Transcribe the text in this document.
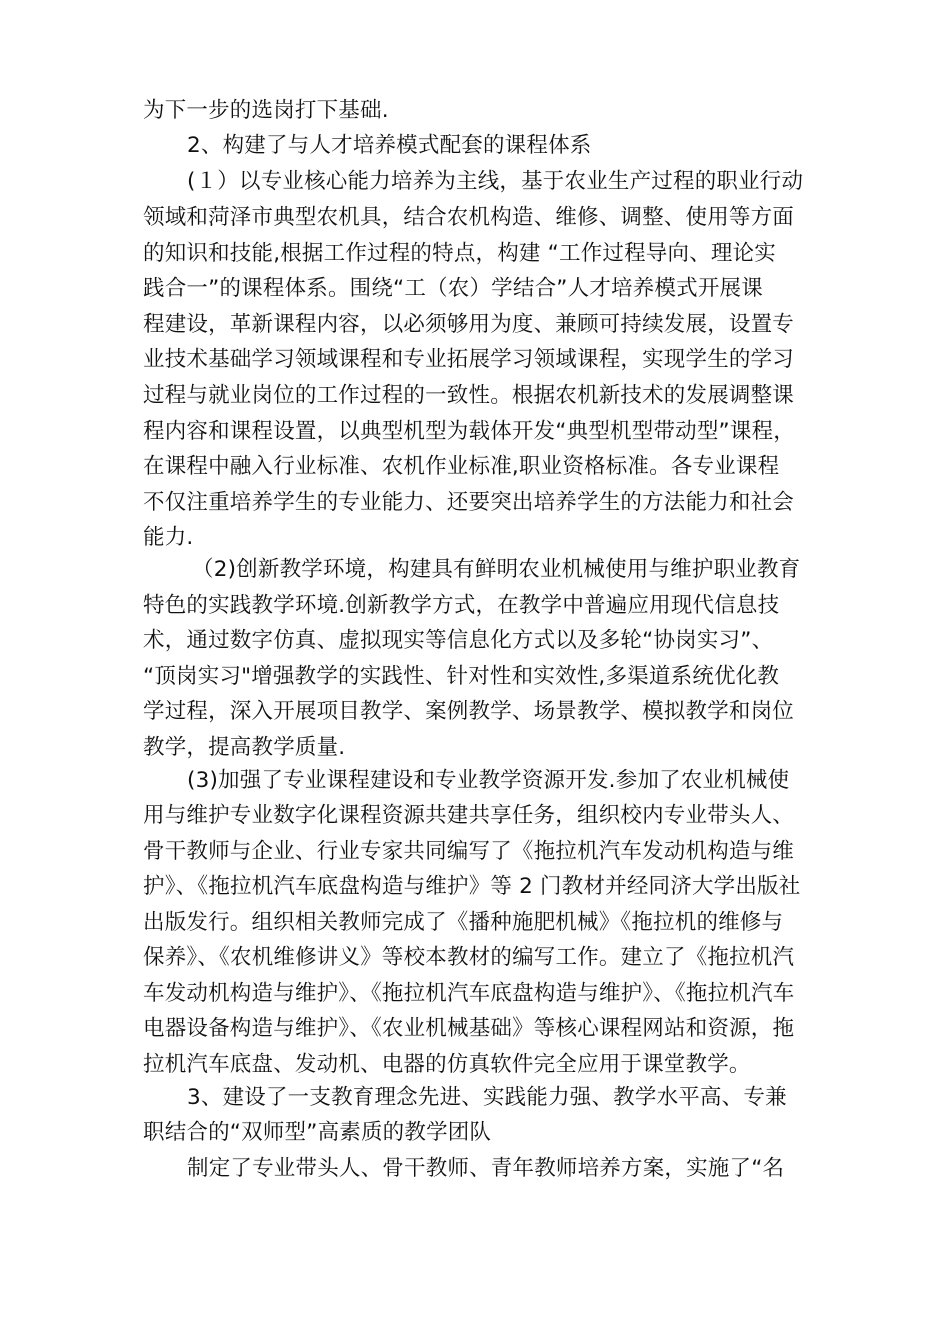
为下一步的选岗打下基础.
2、构建了与人才培养模式配套的课程体系
(１）以专业核心能力培养为主线，基于农业生产过程的职业行动
领域和菏泽市典型农机具，结合农机构造、维修、调整、使用等方面
的知识和技能,根据工作过程的特点，构建 “工作过程导向、理论实
践合一”的课程体系。围绕“工（农）学结合”人才培养模式开展课
程建设，革新课程内容，以必须够用为度、兼顾可持续发展，设置专
业技术基础学习领域课程和专业拓展学习领域课程，实现学生的学习
过程与就业岗位的工作过程的一致性。根据农机新技术的发展调整课
程内容和课程设置，以典型机型为载体开发“典型机型带动型”课程，
在课程中融入行业标准、农机作业标准,职业资格标准。各专业课程
不仅注重培养学生的专业能力、还要突出培养学生的方法能力和社会
能力.
（2)创新教学环境，构建具有鲜明农业机械使用与维护职业教育
特色的实践教学环境.创新教学方式，在教学中普遍应用现代信息技
术，通过数字仿真、虚拟现实等信息化方式以及多轮“协岗实习”、
“顶岗实习"增强教学的实践性、针对性和实效性,多渠道系统优化教
学过程，深入开展项目教学、案例教学、场景教学、模拟教学和岗位
教学，提高教学质量.
(3)加强了专业课程建设和专业教学资源开发.参加了农业机械使
用与维护专业数字化课程资源共建共享任务，组织校内专业带头人、
骨干教师与企业、行业专家共同编写了《拖拉机汽车发动机构造与维
护》、《拖拉机汽车底盘构造与维护》等 2 门教材并经同济大学出版社
出版发行。组织相关教师完成了《播种施肥机械》《拖拉机的维修与
保养》、《农机维修讲义》等校本教材的编写工作。建立了《拖拉机汽
车发动机构造与维护》、《拖拉机汽车底盘构造与维护》、《拖拉机汽车
电器设备构造与维护》、《农业机械基础》等核心课程网站和资源，拖
拉机汽车底盘、发动机、电器的仿真软件完全应用于课堂教学。
3、建设了一支教育理念先进、实践能力强、教学水平高、专兼
职结合的“双师型”高素质的教学团队
制定了专业带头人、骨干教师、青年教师培养方案，实施了“名
